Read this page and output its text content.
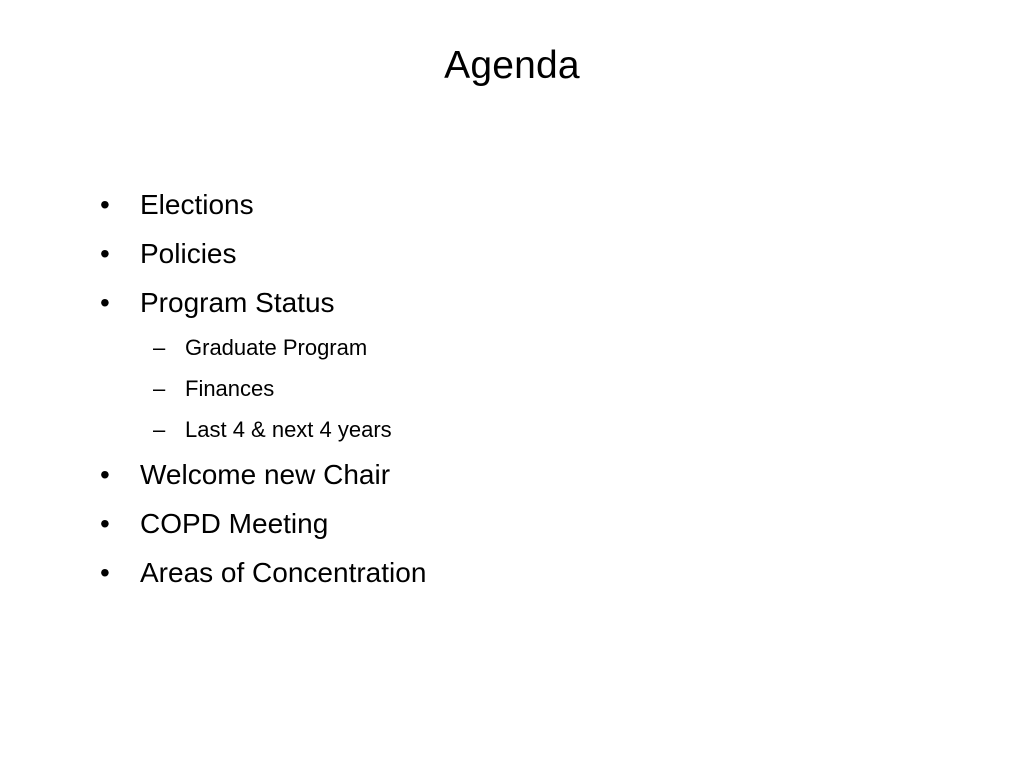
Agenda
•	Elections
•	Policies
•	Program Status
– Graduate Program
– Finances
– Last 4 & next 4 years
•	Welcome new Chair
•	COPD Meeting
•	Areas of Concentration
